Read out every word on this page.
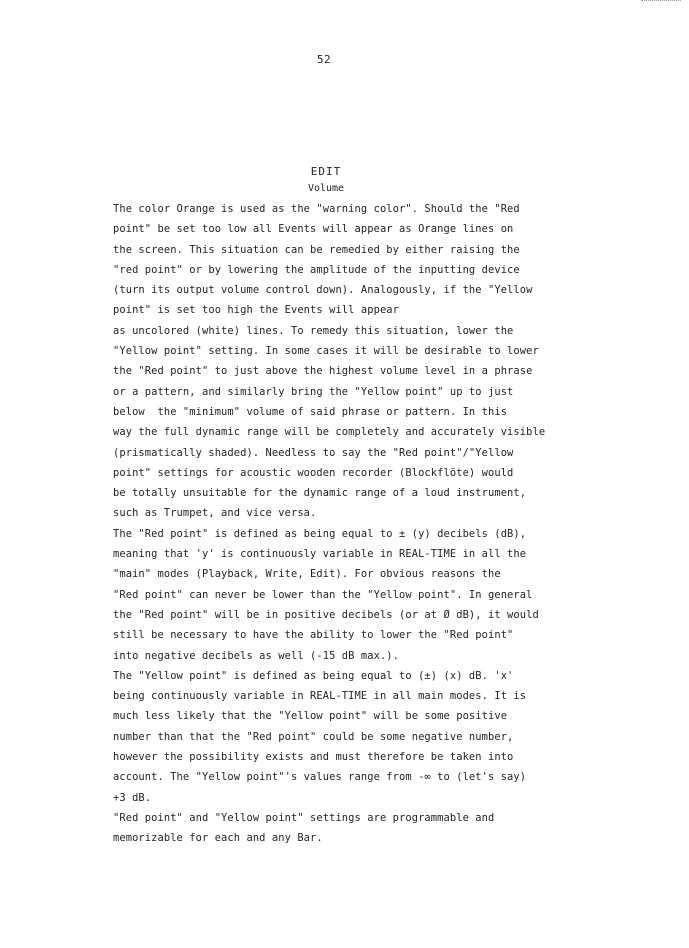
52
EDIT
Volume
The color Orange is used as the "warning color". Should the "Red
point" be set too low all Events will appear as Orange lines on
the screen. This situation can be remedied by either raising the
"red point" or by lowering the amplitude of the inputting device
(turn its output volume control down). Analogously, if the "Yellow
point" is set too high the Events will appear
as uncolored (white) lines. To remedy this situation, lower the
"Yellow point" setting. In some cases it will be desirable to lower
the "Red point" to just above the highest volume level in a phrase
or a pattern, and similarly bring the "Yellow point" up to just
below  the "minimum" volume of said phrase or pattern. In this
way the full dynamic range will be completely and accurately visible
(prismatically shaded). Needless to say the "Red point"/"Yellow
point" settings for acoustic wooden recorder (Blockflöte) would
be totally unsuitable for the dynamic range of a loud instrument,
such as Trumpet, and vice versa.
The "Red point" is defined as being equal to ± (y) decibels (dB),
meaning that 'y' is continuously variable in REAL-TIME in all the
"main" modes (Playback, Write, Edit). For obvious reasons the
"Red point" can never be lower than the "Yellow point". In general
the "Red point" will be in positive decibels (or at Ø dB), it would
still be necessary to have the ability to lower the "Red point"
into negative decibels as well (-15 dB max.).
The "Yellow point" is defined as being equal to (±) (x) dB. 'x'
being continuously variable in REAL-TIME in all main modes. It is
much less likely that the "Yellow point" will be some positive
number than that the "Red point" could be some negative number,
however the possibility exists and must therefore be taken into
account. The "Yellow point"'s values range from -∞ to (let's say)
+3 dB.
"Red point" and "Yellow point" settings are programmable and
memorizable for each and any Bar.
